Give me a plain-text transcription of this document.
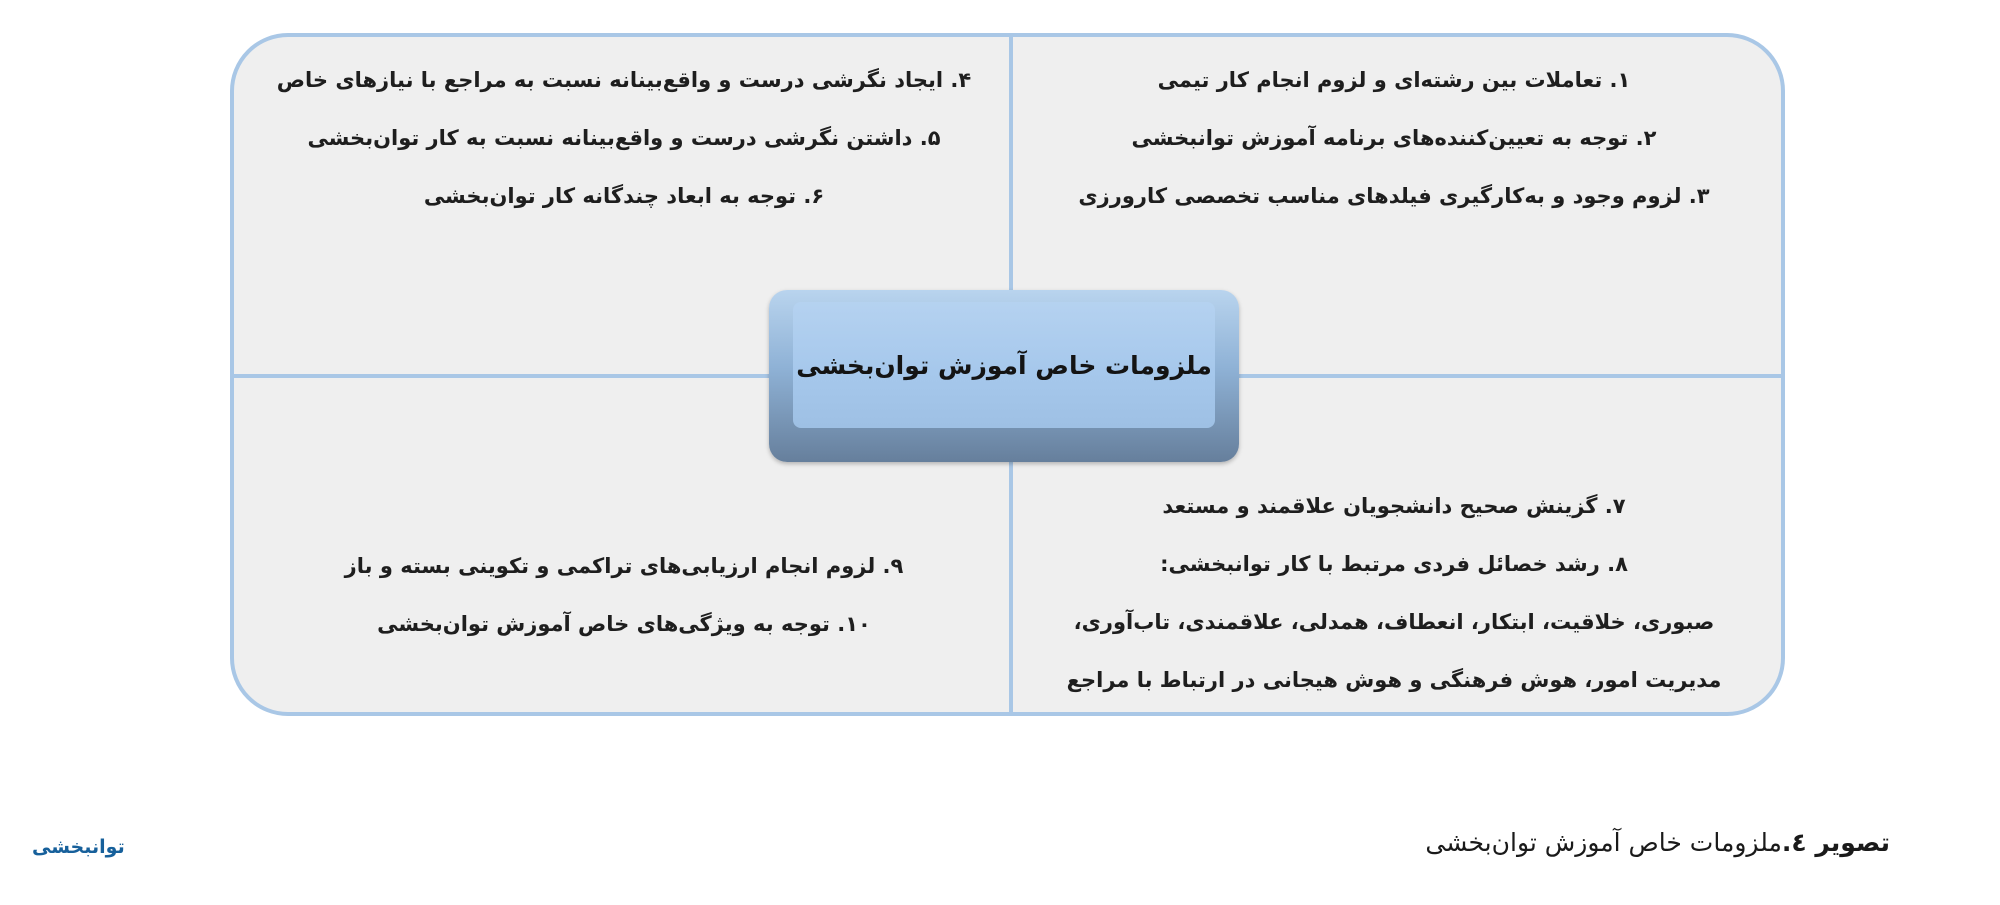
۱. تعاملات بین رشته‌ای و لزوم انجام کار تیمی

۲. توجه به تعیین‌کننده‌های برنامه آموزش توانبخشی

۳. لزوم وجود و به‌کارگیری فیلدهای مناسب تخصصی کارورزی

۴. ایجاد نگرشی درست و واقع‌بینانه نسبت به مراجع با نیازهای خاص

۵. داشتن نگرشی درست و واقع‌بینانه نسبت به کار توان‌بخشی

۶. توجه به ابعاد چندگانه کار توان‌بخشی

۷. گزینش صحیح دانشجویان علاقمند و مستعد

۸. رشد خصائل فردی مرتبط با کار توانبخشی:

صبوری، خلاقیت، ابتکار، انعطاف، همدلی، علاقمندی، تاب‌آوری،

مدیریت امور، هوش فرهنگی و هوش هیجانی در ارتباط با مراجع

۹. لزوم انجام ارزیابی‌های تراکمی و تکوینی بسته و باز

۱۰. توجه به ویژگی‌های خاص آموزش توان‌بخشی

ملزومات خاص آموزش توان‌بخشی
تصویر ٤.ملزومات خاص آموزش توان‌بخشی
توانبخشی
